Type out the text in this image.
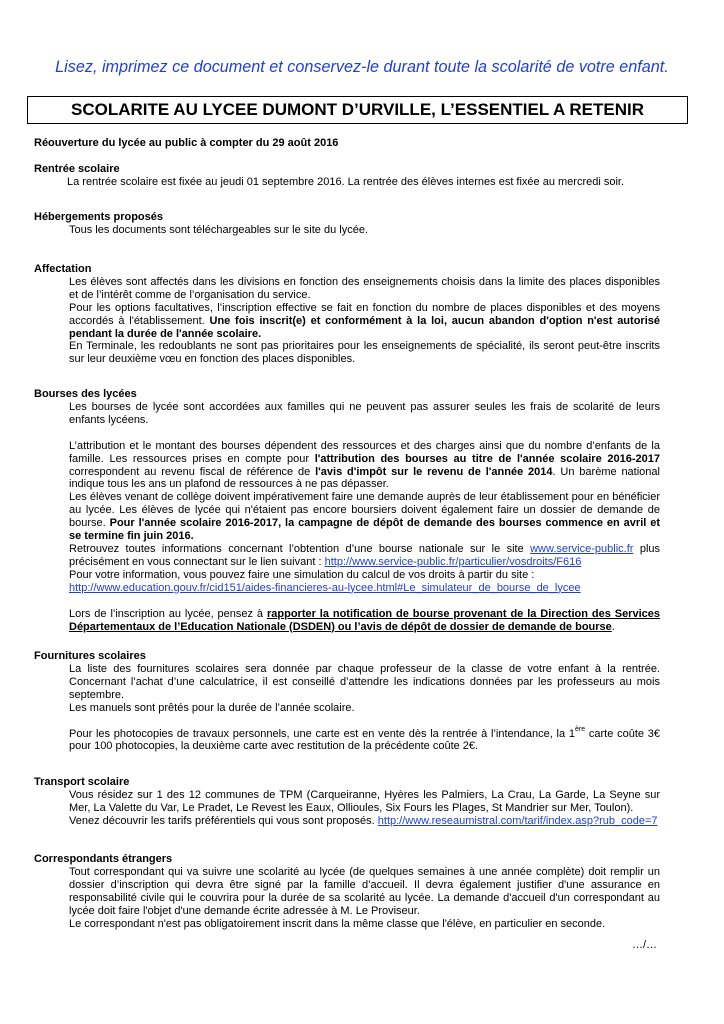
Lisez, imprimez ce document et conservez-le durant toute la scolarité de votre enfant.
SCOLARITE AU LYCEE DUMONT D’URVILLE, L’ESSENTIEL A RETENIR
Réouverture du lycée au public à compter du 29 août 2016
Rentrée scolaire
La rentrée scolaire est fixée au jeudi 01 septembre 2016. La rentrée des élèves internes est fixée au mercredi soir.
Hébergements proposés
Tous les documents sont téléchargeables sur le site du lycée.
Affectation

Les élèves sont affectés dans les divisions en fonction des enseignements choisis dans la limite des places disponibles et de l’intérêt comme de l’organisation du service.

Pour les options facultatives, l’inscription effective se fait en fonction du nombre de places disponibles et des moyens accordés à l'établissement. Une fois inscrit(e) et conformément à la loi, aucun abandon d'option n'est autorisé pendant la durée de l'année scolaire.

En Terminale, les redoublants ne sont pas prioritaires pour les enseignements de spécialité, ils seront peut-être inscrits sur leur deuxième vœu en fonction des places disponibles.

Bourses des lycées

Les bourses de lycée sont accordées aux familles qui ne peuvent pas assurer seules les frais de scolarité de leurs enfants lycéens.

L’attribution et le montant des bourses dépendent des ressources et des charges ainsi que du nombre d’enfants de la famille. Les ressources prises en compte pour l'attribution des bourses au titre de l'année scolaire 2016-2017 correspondent au revenu fiscal de référence de l'avis d'impôt sur le revenu de l'année 2014. Un barème national indique tous les ans un plafond de ressources à ne pas dépasser.

Les élèves venant de collège doivent impérativement faire une demande auprès de leur établissement pour en bénéficier au lycée. Les élèves de lycée qui n'étaient pas encore boursiers doivent également faire un dossier de demande de bourse. Pour l'année scolaire 2016-2017, la campagne de dépôt de demande des bourses commence en avril et se termine fin juin 2016.

Retrouvez toutes informations concernant l’obtention d’une bourse nationale sur le site www.service-public.fr plus précisément en vous connectant sur le lien suivant : http://www.service-public.fr/particulier/vosdroits/F616

Pour votre information, vous pouvez faire une simulation du calcul de vos droits à partir du site :
http://www.education.gouv.fr/cid151/aides-financieres-au-lycee.html#Le_simulateur_de_bourse_de_lycee

Lors de l’inscription au lycée, pensez à rapporter la notification de bourse provenant de la Direction des Services Départementaux de l’Education Nationale (DSDEN) ou l’avis de dépôt de dossier de demande de bourse.

Fournitures scolaires

La liste des fournitures scolaires sera donnée par chaque professeur de la classe de votre enfant à la rentrée. Concernant l’achat d’une calculatrice, il est conseillé d’attendre les indications données par les professeurs au mois septembre.

Les manuels sont prêtés pour la durée de l’année scolaire.

Pour les photocopies de travaux personnels, une carte est en vente dès la rentrée à l’intendance, la 1ère carte coûte 3€ pour 100 photocopies, la deuxième carte avec restitution de la précédente coûte 2€.

Transport scolaire

Vous résidez sur 1 des 12 communes de TPM (Carqueiranne, Hyères les Palmiers, La Crau, La Garde, La Seyne sur Mer, La Valette du Var, Le Pradet, Le Revest les Eaux, Ollioules, Six Fours les Plages, St Mandrier sur Mer, Toulon).

Venez découvrir les tarifs préférentiels qui vous sont proposés. http://www.reseaumistral.com/tarif/index.asp?rub_code=7

Correspondants étrangers

Tout correspondant qui va suivre une scolarité au lycée (de quelques semaines à une année complète) doit remplir un dossier d’inscription qui devra être signé par la famille d’accueil. Il devra également justifier d'une assurance en responsabilité civile qui le couvrira pour la durée de sa scolarité au lycée. La demande d'accueil d'un correspondant au lycée doit faire l'objet d'une demande écrite adressée à M. Le Proviseur.

Le correspondant n'est pas obligatoirement inscrit dans la même classe que l'élève, en particulier en seconde.

…/…
